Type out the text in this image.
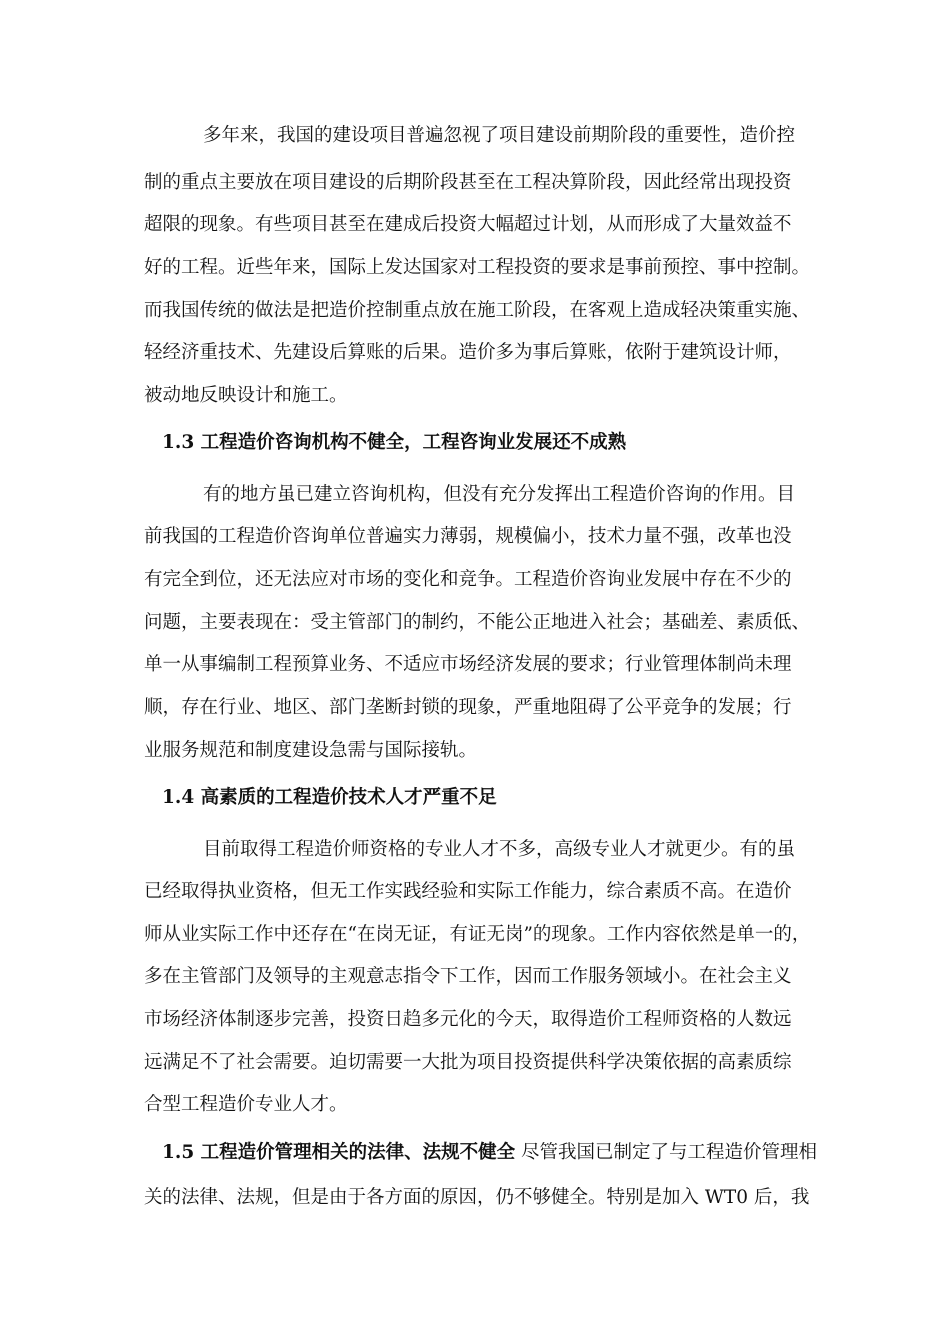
多年来，我国的建设项目普遍忽视了项目建设前期阶段的重要性，造价控
制的重点主要放在项目建设的后期阶段甚至在工程决算阶段，因此经常出现投资
超限的现象。有些项目甚至在建成后投资大幅超过计划，从而形成了大量效益不
好的工程。近些年来，国际上发达国家对工程投资的要求是事前预控、事中控制。
而我国传统的做法是把造价控制重点放在施工阶段，在客观上造成轻决策重实施、
轻经济重技术、先建设后算账的后果。造价多为事后算账，依附于建筑设计师，
被动地反映设计和施工。
1.3 工程造价咨询机构不健全，工程咨询业发展还不成熟
有的地方虽已建立咨询机构，但没有充分发挥出工程造价咨询的作用。目
前我国的工程造价咨询单位普遍实力薄弱，规模偏小，技术力量不强，改革也没
有完全到位，还无法应对市场的变化和竞争。工程造价咨询业发展中存在不少的
问题，主要表现在：受主管部门的制约，不能公正地进入社会；基础差、素质低、
单一从事编制工程预算业务、不适应市场经济发展的要求；行业管理体制尚未理
顺，存在行业、地区、部门垄断封锁的现象，严重地阻碍了公平竞争的发展；行
业服务规范和制度建设急需与国际接轨。
1.4 高素质的工程造价技术人才严重不足
目前取得工程造价师资格的专业人才不多，高级专业人才就更少。有的虽
已经取得执业资格，但无工作实践经验和实际工作能力，综合素质不高。在造价
师从业实际工作中还存在“在岗无证，有证无岗”的现象。工作内容依然是单一的，
多在主管部门及领导的主观意志指令下工作，因而工作服务领域小。在社会主义
市场经济体制逐步完善，投资日趋多元化的今天，取得造价工程师资格的人数远
远满足不了社会需要。迫切需要一大批为项目投资提供科学决策依据的高素质综
合型工程造价专业人才。
1.5 工程造价管理相关的法律、法规不健全 尽管我国已制定了与工程造价管理相
关的法律、法规，但是由于各方面的原因，仍不够健全。特别是加入 WT0 后，我
